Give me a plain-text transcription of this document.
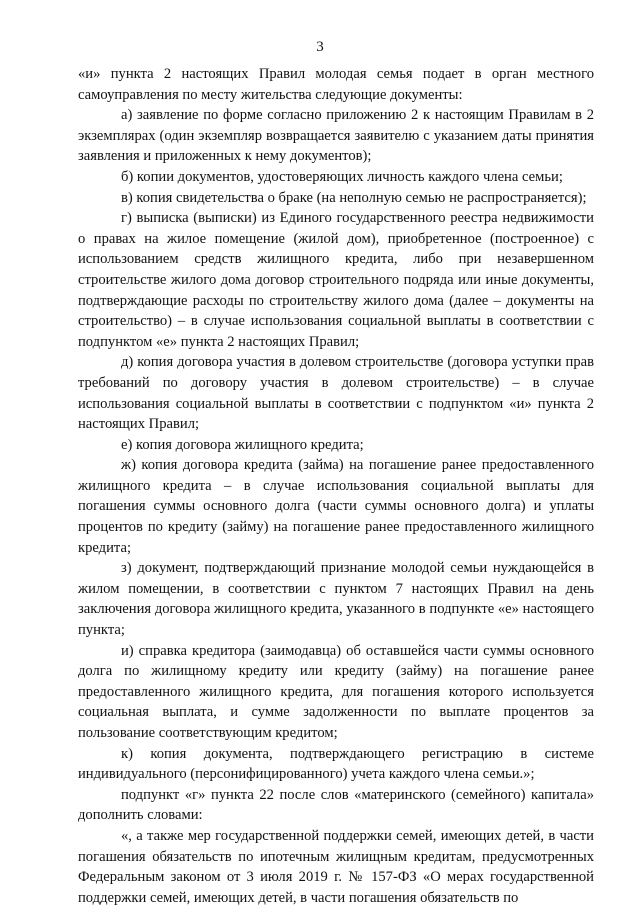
3

«и» пункта 2 настоящих Правил молодая семья подает в орган местного самоуправления по месту жительства следующие документы:

а) заявление по форме согласно приложению 2 к настоящим Правилам в 2 экземплярах (один экземпляр возвращается заявителю с указанием даты принятия заявления и приложенных к нему документов);

б) копии документов, удостоверяющих личность каждого члена семьи;

в) копия свидетельства о браке (на неполную семью не распространяется);

г) выписка (выписки) из Единого государственного реестра недвижимости о правах на жилое помещение (жилой дом), приобретенное (построенное) с использованием средств жилищного кредита, либо при незавершенном строительстве жилого дома договор строительного подряда или иные документы, подтверждающие расходы по строительству жилого дома (далее – документы на строительство) – в случае использования социальной выплаты в соответствии с подпунктом «е» пункта 2 настоящих Правил;

д) копия договора участия в долевом строительстве (договора уступки прав требований по договору участия в долевом строительстве) – в случае использования социальной выплаты в соответствии с подпунктом «и» пункта 2 настоящих Правил;

е) копия договора жилищного кредита;

ж) копия договора кредита (займа) на погашение ранее предоставленного жилищного кредита – в случае использования социальной выплаты для погашения суммы основного долга (части суммы основного долга) и уплаты процентов по кредиту (займу) на погашение ранее предоставленного жилищного кредита;

з) документ, подтверждающий признание молодой семьи нуждающейся в жилом помещении, в соответствии с пунктом 7 настоящих Правил на день заключения договора жилищного кредита, указанного в подпункте «е» настоящего пункта;

и) справка кредитора (заимодавца) об оставшейся части суммы основного долга по жилищному кредиту или кредиту (займу) на погашение ранее предоставленного жилищного кредита, для погашения которого используется социальная выплата, и сумме задолженности по выплате процентов за пользование соответствующим кредитом;

к) копия документа, подтверждающего регистрацию в системе индивидуального (персонифицированного) учета каждого члена семьи.»;

подпункт «г» пункта 22 после слов «материнского (семейного) капитала» дополнить словами:

«, а также мер государственной поддержки семей, имеющих детей, в части погашения обязательств по ипотечным жилищным кредитам, предусмотренных Федеральным законом от 3 июля 2019 г. № 157-ФЗ «О мерах государственной поддержки семей, имеющих детей, в части погашения обязательств по
